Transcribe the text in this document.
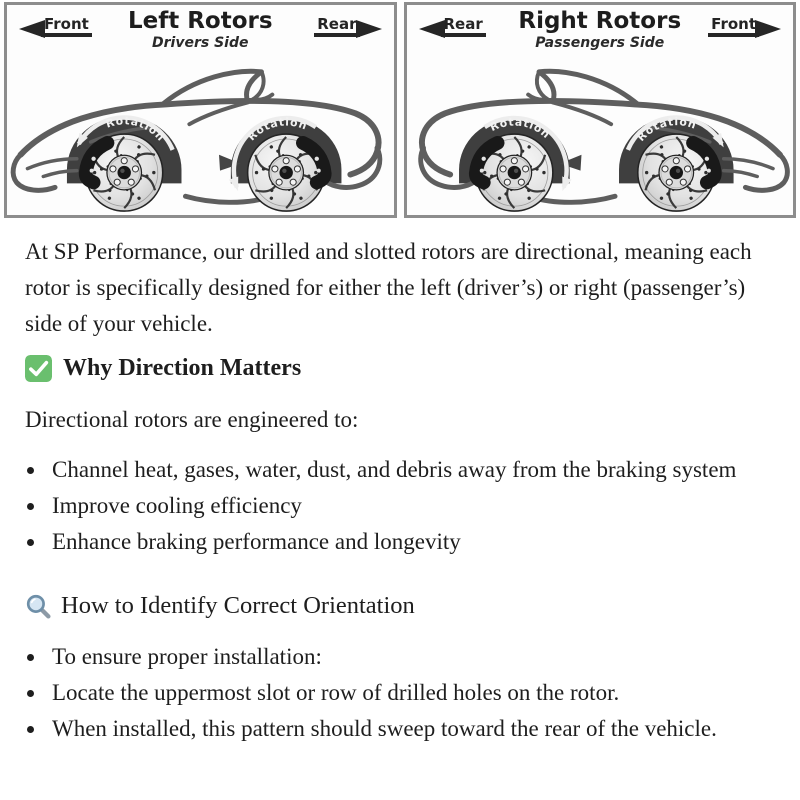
Front	Left Rotors
Drivers Side
Rear
Rotation	Rotation
Rear	Right Rotors
Passengers Side
Front
Rotation	Rotation

At SP Performance, our drilled and slotted rotors are directional, meaning each rotor is specifically designed for either the left (driver’s) or right (passenger’s) side of your vehicle.

Why Direction Matters

Directional rotors are engineered to:

• Channel heat, gases, water, dust, and debris away from the braking system
• Improve cooling efficiency
• Enhance braking performance and longevity
How to Identify Correct Orientation
• To ensure proper installation:
• Locate the uppermost slot or row of drilled holes on the rotor.
• When installed, this pattern should sweep toward the rear of the vehicle.
